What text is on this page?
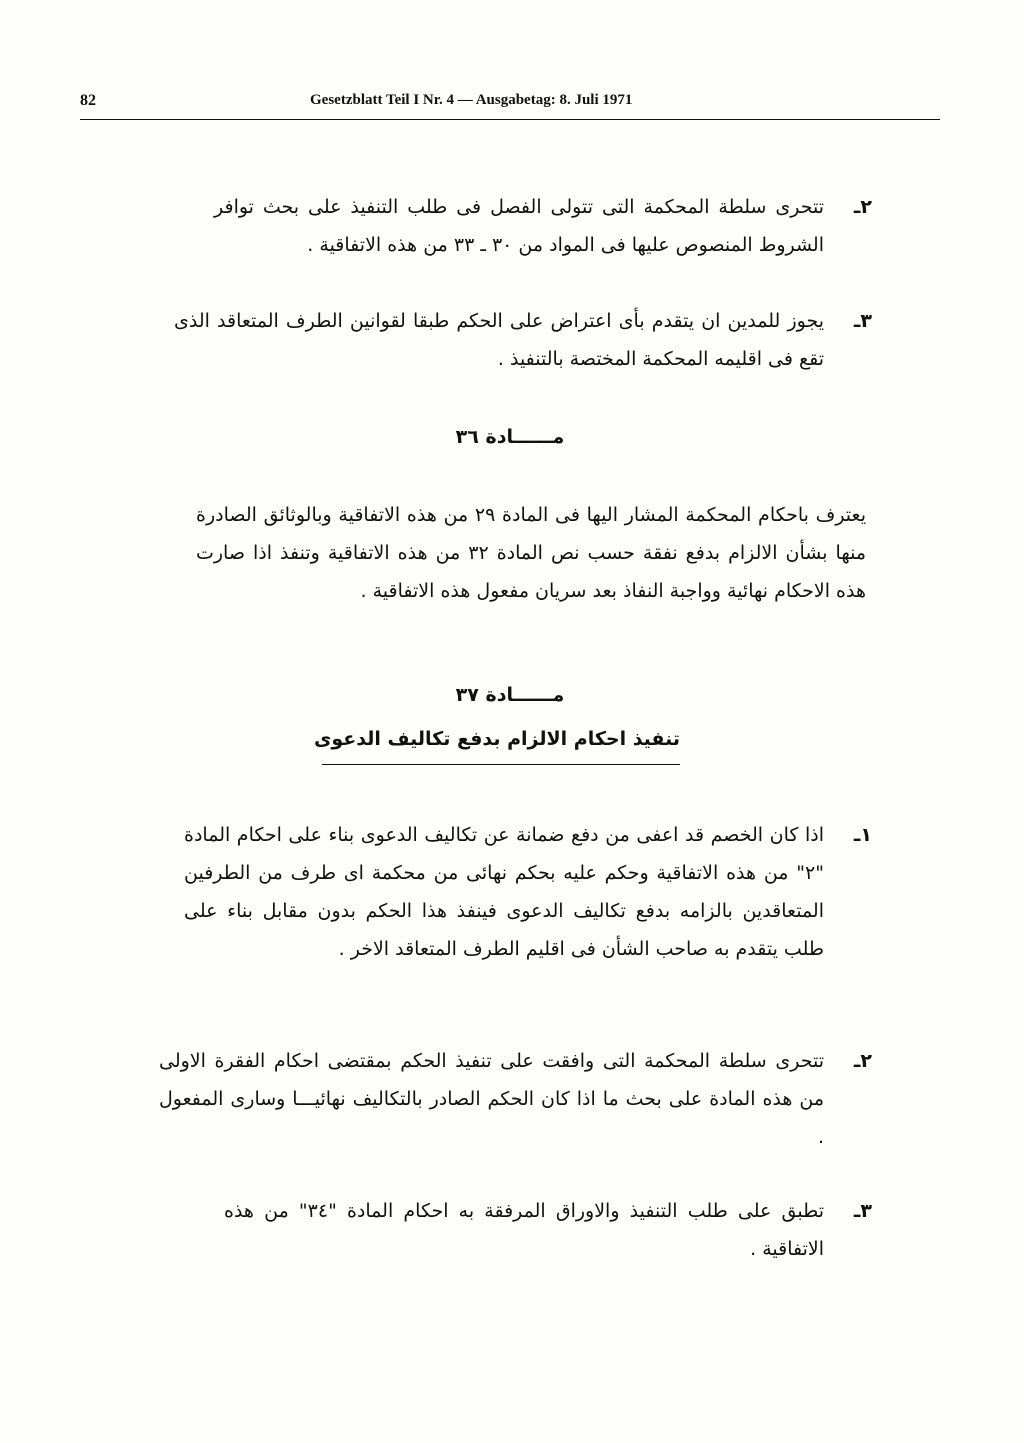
82	Gesetzblatt Teil I Nr. 4 — Ausgabetag: 8. Juli 1971
٢ـ
تتحرى سلطة المحكمة التى تتولى الفصل فى طلب التنفيذ على بحث توافر الشروط المنصوص عليها فى المواد من ٣٠ ـ ٣٣ من هذه الاتفاقية .
٣ـ
يجوز للمدين ان يتقدم بأى اعتراض على الحكم طبقا لقوانين الطرف المتعاقد الذى تقع فى اقليمه المحكمة المختصة بالتنفيذ .
مــــــادة ٣٦
يعترف باحكام المحكمة المشار اليها فى المادة ٢٩ من هذه الاتفاقية وبالوثائق الصادرة منها بشأن الالزام بدفع نفقة حسب نص المادة ٣٢ من هذه الاتفاقية وتنفذ اذا صارت هذه الاحكام نهائية وواجبة النفاذ بعد سريان مفعول هذه الاتفاقية .
مــــــادة ٣٧
تنفيذ احكام الالزام بدفع تكاليف الدعوى
١ـ
اذا كان الخصم قد اعفى من دفع ضمانة عن تكاليف الدعوى بناء على احكام المادة "٢" من هذه الاتفاقية وحكم عليه بحكم نهائى من محكمة اى طرف من الطرفين المتعاقدين بالزامه بدفع تكاليف الدعوى فينفذ هذا الحكم بدون مقابل بناء على طلب يتقدم به صاحب الشأن فى اقليم الطرف المتعاقد الاخر .
٢ـ
تتحرى سلطة المحكمة التى وافقت على تنفيذ الحكم بمقتضى احكام الفقرة الاولى من هذه المادة على بحث ما اذا كان الحكم الصادر بالتكاليف نهائيـــا وسارى المفعول .
٣ـ
تطبق على طلب التنفيذ والاوراق المرفقة به احكام المادة "٣٤" من هذه الاتفاقية .
